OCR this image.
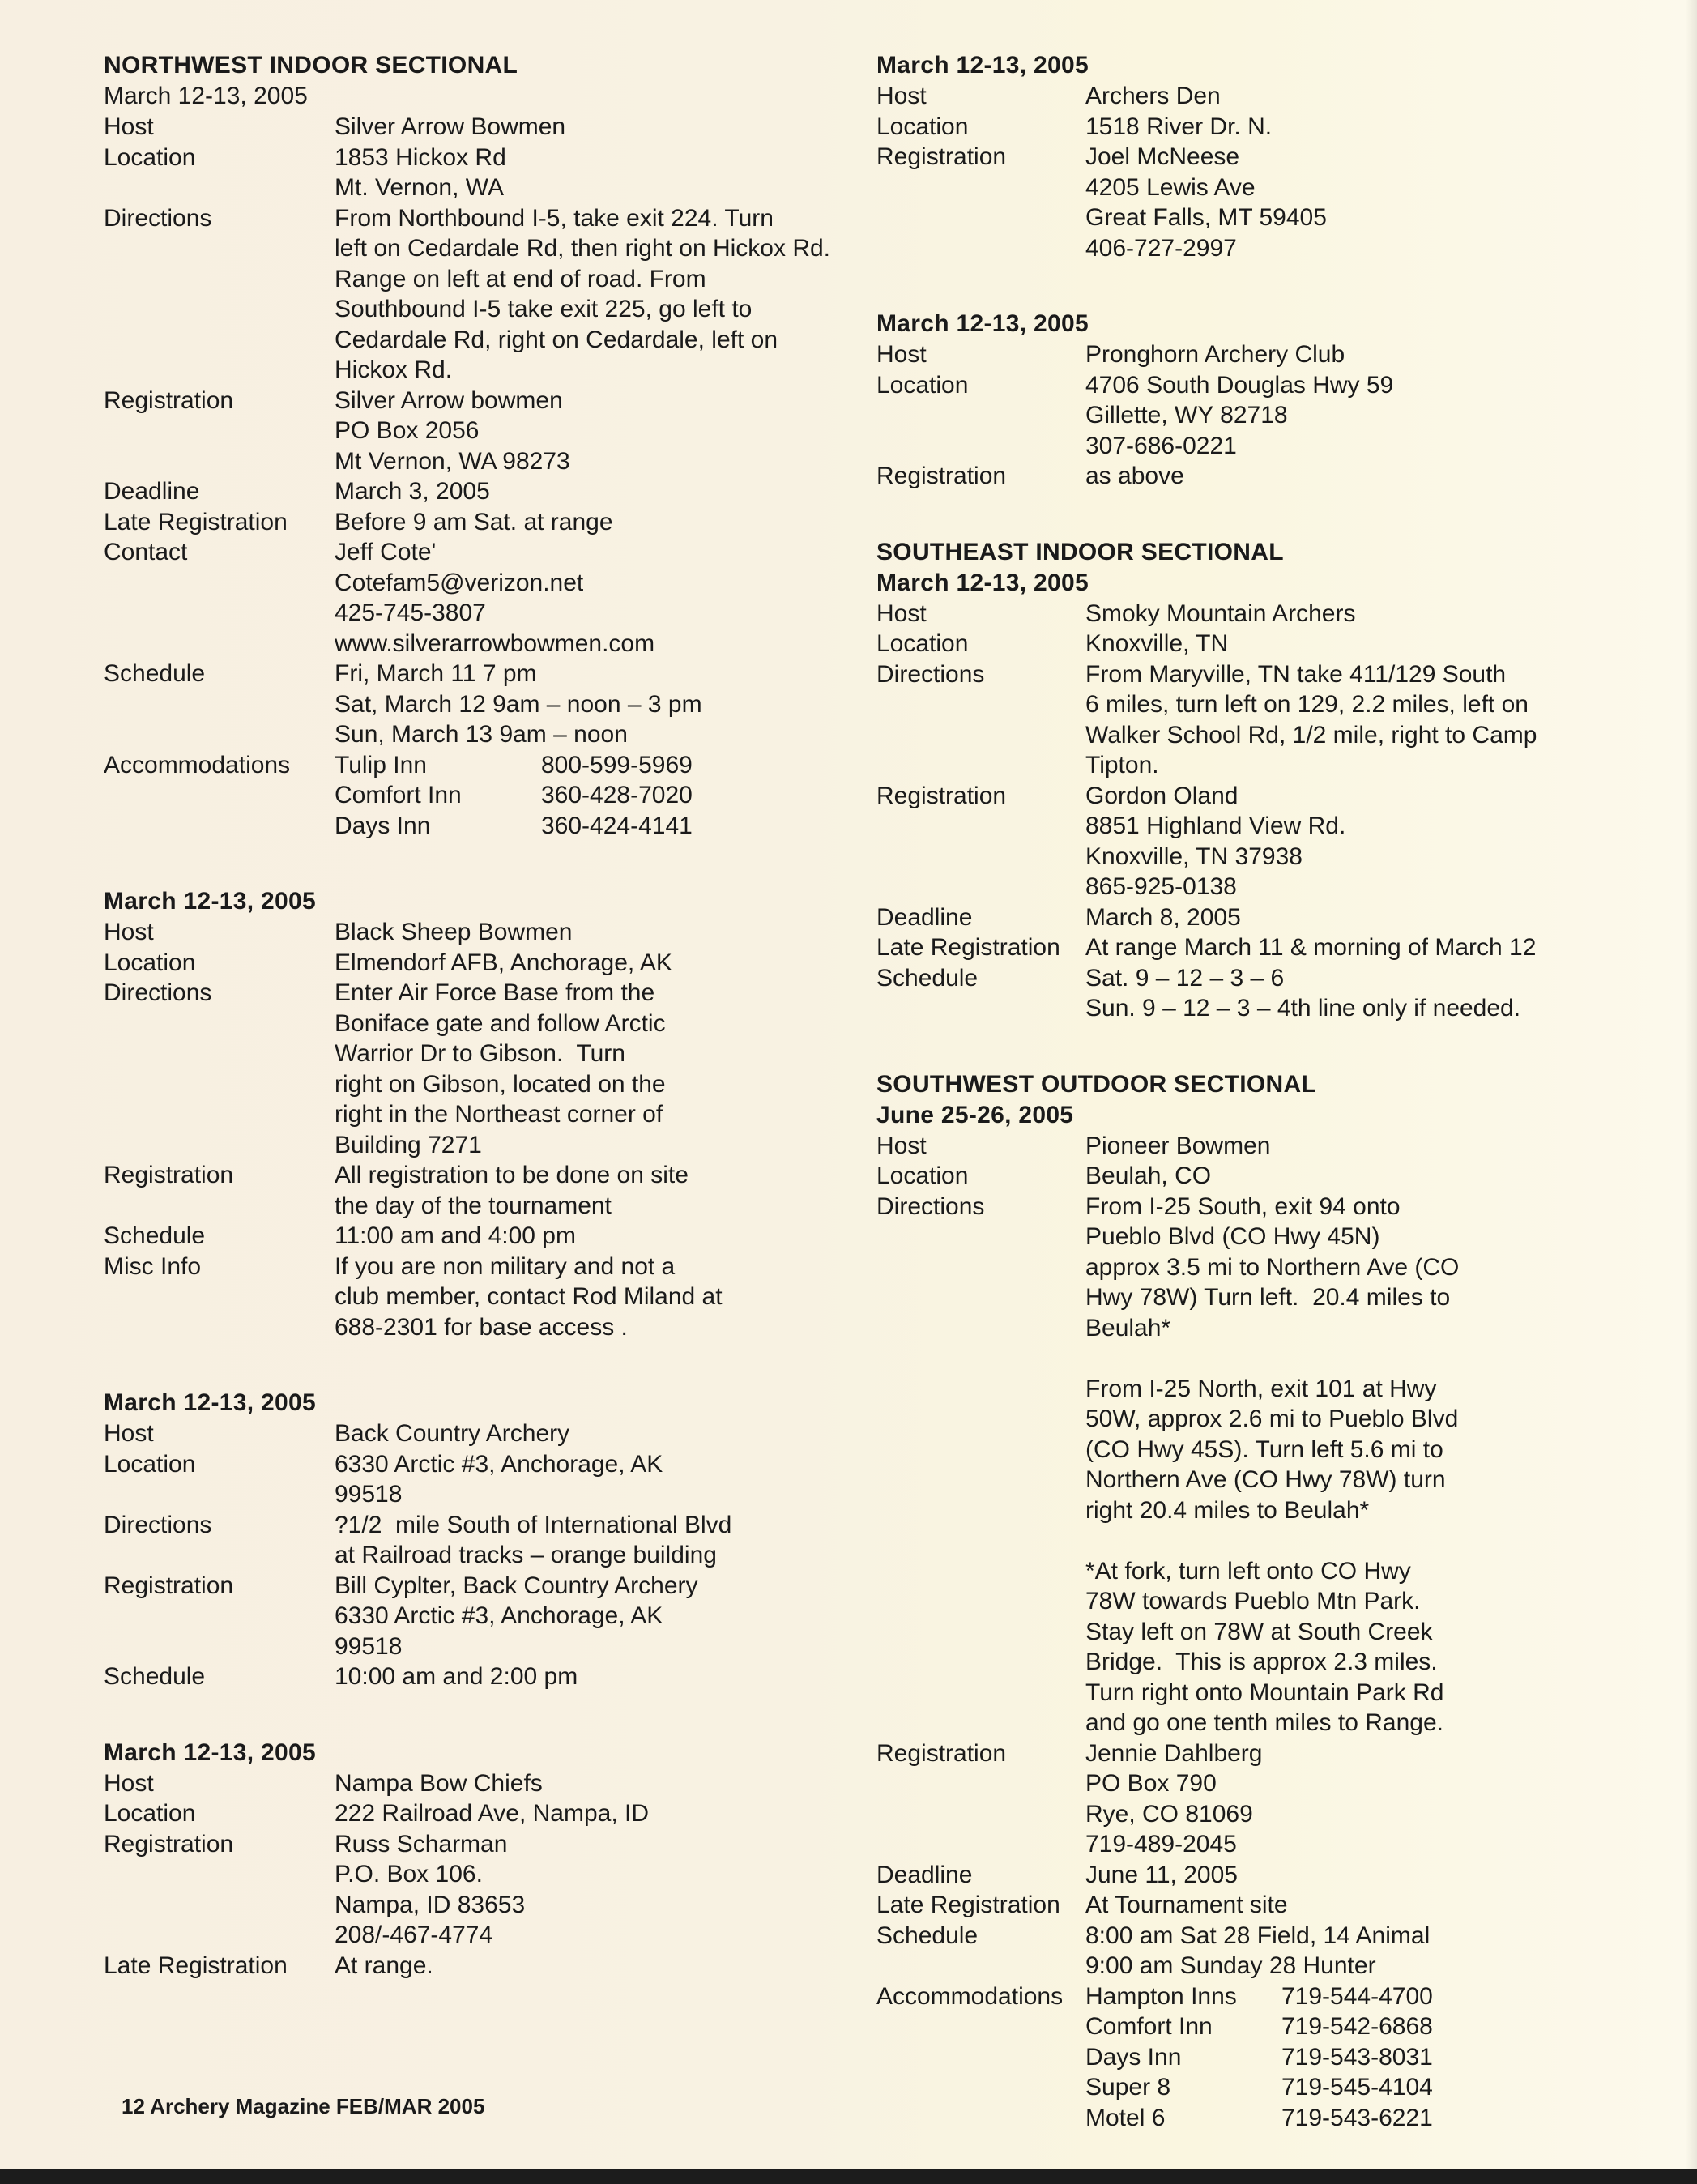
NORTHWEST INDOOR SECTIONAL
March 12-13, 2005
Host	Silver Arrow Bowmen
Location	1853 Hickox Rd
Mt. Vernon, WA
Directions	From Northbound I-5, take exit 224. Turn
left on Cedardale Rd, then right on Hickox Rd.
Range on left at end of road. From
Southbound I-5 take exit 225, go left to
Cedardale Rd, right on Cedardale, left on
Hickox Rd.
Registration	Silver Arrow bowmen
PO Box 2056
Mt Vernon, WA 98273
Deadline	March 3, 2005
Late Registration	Before 9 am Sat. at range
Contact	Jeff Cote'
Cotefam5@verizon.net
425-745-3807
www.silverarrowbowmen.com
Schedule	Fri, March 11 7 pm
Sat, March 12 9am – noon – 3 pm
Sun, March 13 9am – noon
Accommodations	Tulip Inn	800-599-5969
Comfort Inn	360-428-7020
Days Inn	360-424-4141
March 12-13, 2005
Host	Black Sheep Bowmen
Location	Elmendorf AFB, Anchorage, AK
Directions	Enter Air Force Base from the
Boniface gate and follow Arctic
Warrior Dr to Gibson.  Turn
right on Gibson, located on the
right in the Northeast corner of
Building 7271
Registration	All registration to be done on site
the day of the tournament
Schedule	11:00 am and 4:00 pm
Misc Info	If you are non military and not a
club member, contact Rod Miland at
688-2301 for base access .
March 12-13, 2005
Host	Back Country Archery
Location	6330 Arctic #3, Anchorage, AK
99518
Directions	?1/2  mile South of International Blvd
at Railroad tracks – orange building
Registration	Bill Cyplter, Back Country Archery
6330 Arctic #3, Anchorage, AK
99518
Schedule	10:00 am and 2:00 pm
March 12-13, 2005
Host	Nampa Bow Chiefs
Location	222 Railroad Ave, Nampa, ID
Registration	Russ Scharman
P.O. Box 106.
Nampa, ID 83653
208/-467-4774
Late Registration	At range.
March 12-13, 2005
Host	Archers Den
Location	1518 River Dr. N.
Registration	Joel McNeese
4205 Lewis Ave
Great Falls, MT 59405
406-727-2997
March 12-13, 2005
Host	Pronghorn Archery Club
Location	4706 South Douglas Hwy 59
Gillette, WY 82718
307-686-0221
Registration	as above
SOUTHEAST INDOOR SECTIONAL
March 12-13, 2005
Host	Smoky Mountain Archers
Location	Knoxville, TN
Directions	From Maryville, TN take 411/129 South
6 miles, turn left on 129, 2.2 miles, left on
Walker School Rd, 1/2 mile, right to Camp
Tipton.
Registration	Gordon Oland
8851 Highland View Rd.
Knoxville, TN 37938
865-925-0138
Deadline	March 8, 2005
Late Registration	At range March 11 & morning of March 12
Schedule	Sat. 9 – 12 – 3 – 6
Sun. 9 – 12 – 3 – 4th line only if needed.
SOUTHWEST OUTDOOR SECTIONAL
June 25-26, 2005
Host	Pioneer Bowmen
Location	Beulah, CO
Directions	From I-25 South, exit 94 onto
Pueblo Blvd (CO Hwy 45N)
approx 3.5 mi to Northern Ave (CO
Hwy 78W) Turn left.  20.4 miles to
Beulah*
From I-25 North, exit 101 at Hwy
50W, approx 2.6 mi to Pueblo Blvd
(CO Hwy 45S). Turn left 5.6 mi to
Northern Ave (CO Hwy 78W) turn
right 20.4 miles to Beulah*
*At fork, turn left onto CO Hwy
78W towards Pueblo Mtn Park.
Stay left on 78W at South Creek
Bridge.  This is approx 2.3 miles.
Turn right onto Mountain Park Rd
and go one tenth miles to Range.
Registration	Jennie Dahlberg
PO Box 790
Rye, CO 81069
719-489-2045
Deadline	June 11, 2005
Late Registration	At Tournament site
Schedule	8:00 am Sat 28 Field, 14 Animal
9:00 am Sunday 28 Hunter
Accommodations Hampton Inns	719-544-4700
Comfort Inn	719-542-6868
Days Inn	719-543-8031
Super 8	719-545-4104
Motel 6	719-543-6221
12 Archery Magazine FEB/MAR 2005
